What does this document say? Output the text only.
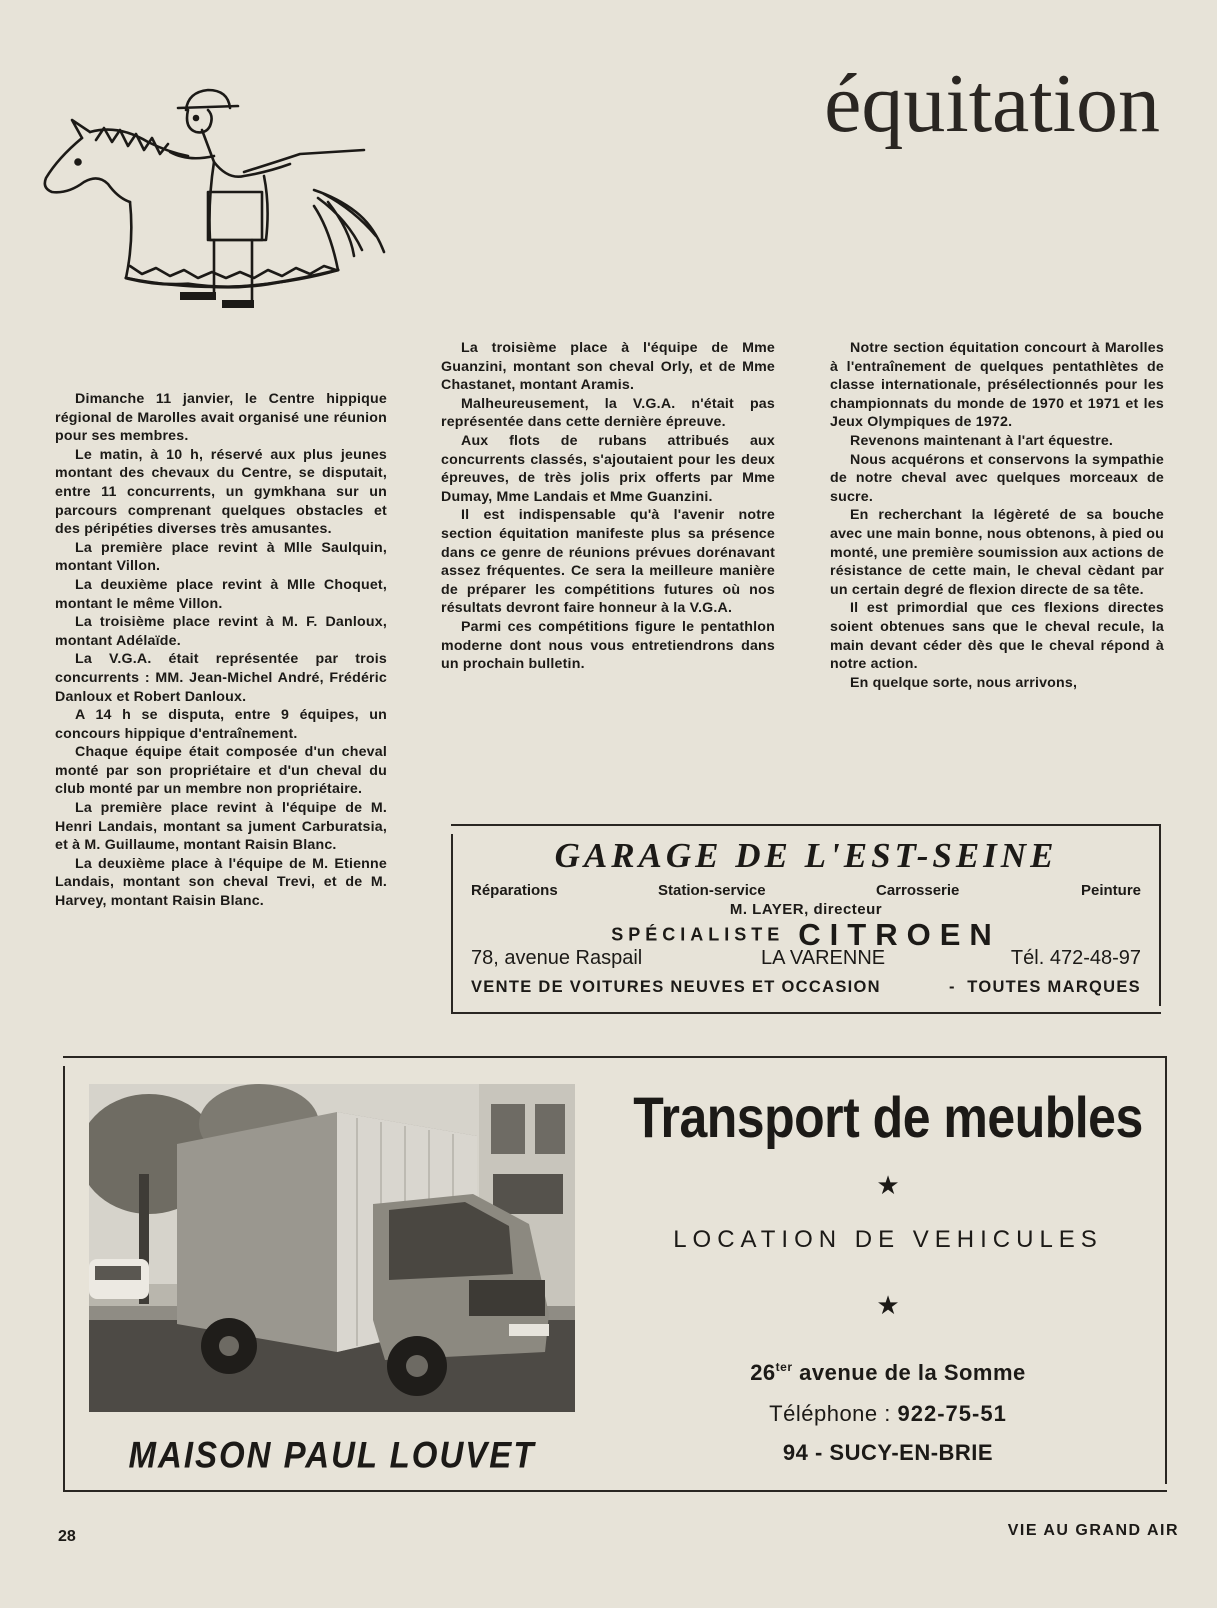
équitation

Dimanche 11 janvier, le Centre hippique régional de Marolles avait organisé une réunion pour ses membres.

Le matin, à 10 h, réservé aux plus jeunes montant des chevaux du Centre, se disputait, entre 11 concurrents, un gymkhana sur un parcours comprenant quelques obstacles et des péripéties diverses très amusantes.

La première place revint à Mlle Saulquin, montant Villon.

La deuxième place revint à Mlle Choquet, montant le même Villon.

La troisième place revint à M. F. Danloux, montant Adélaïde.

La V.G.A. était représentée par trois concurrents : MM. Jean-Michel André, Frédéric Danloux et Robert Danloux.

A 14 h se disputa, entre 9 équipes, un concours hippique d'entraînement.

Chaque équipe était composée d'un cheval monté par son propriétaire et d'un cheval du club monté par un membre non propriétaire.

La première place revint à l'équipe de M. Henri Landais, montant sa jument Carburatsia, et à M. Guillaume, montant Raisin Blanc.

La deuxième place à l'équipe de M. Etienne Landais, montant son cheval Trevi, et de M. Harvey, montant Raisin Blanc.

La troisième place à l'équipe de Mme Guanzini, montant son cheval Orly, et de Mme Chastanet, montant Aramis.

Malheureusement, la V.G.A. n'était pas représentée dans cette dernière épreuve.

Aux flots de rubans attribués aux concurrents classés, s'ajoutaient pour les deux épreuves, de très jolis prix offerts par Mme Dumay, Mme Landais et Mme Guanzini.

Il est indispensable qu'à l'avenir notre section équitation manifeste plus sa présence dans ce genre de réunions prévues dorénavant assez fréquentes. Ce sera la meilleure manière de préparer les compétitions futures où nos résultats devront faire honneur à la V.G.A.

Parmi ces compétitions figure le pentathlon moderne dont nous vous entretiendrons dans un prochain bulletin.

Notre section équitation concourt à Marolles à l'entraînement de quelques pentathlètes de classe internationale, présélectionnés pour les championnats du monde de 1970 et 1971 et les Jeux Olympiques de 1972.

Revenons maintenant à l'art équestre.

Nous acquérons et conservons la sympathie de notre cheval avec quelques morceaux de sucre.

En recherchant la légèreté de sa bouche avec une main bonne, nous obtenons, à pied ou monté, une première soumission aux actions de résistance de cette main, le cheval cèdant par un certain degré de flexion directe de sa tête.

Il est primordial que ces flexions directes soient obtenues sans que le cheval recule, la main devant céder dès que le cheval répond à notre action.

En quelque sorte, nous arrivons,

GARAGE DE L'EST-SEINE
Réparations	Station-service	Carrosserie	Peinture
M. LAYER, directeur
SPÉCIALISTE CITROEN
78, avenue Raspail	LA VARENNE	Tél. 472-48-97
VENTE DE VOITURES NEUVES ET OCCASION	- TOUTES MARQUES
MAISON PAUL LOUVET
Transport de meubles
★
LOCATION DE VEHICULES
★
$26^{ter}$ avenue de la Somme
Téléphone : 922-75-51
94 - SUCY-EN-BRIE
28	VIE AU GRAND AIR
